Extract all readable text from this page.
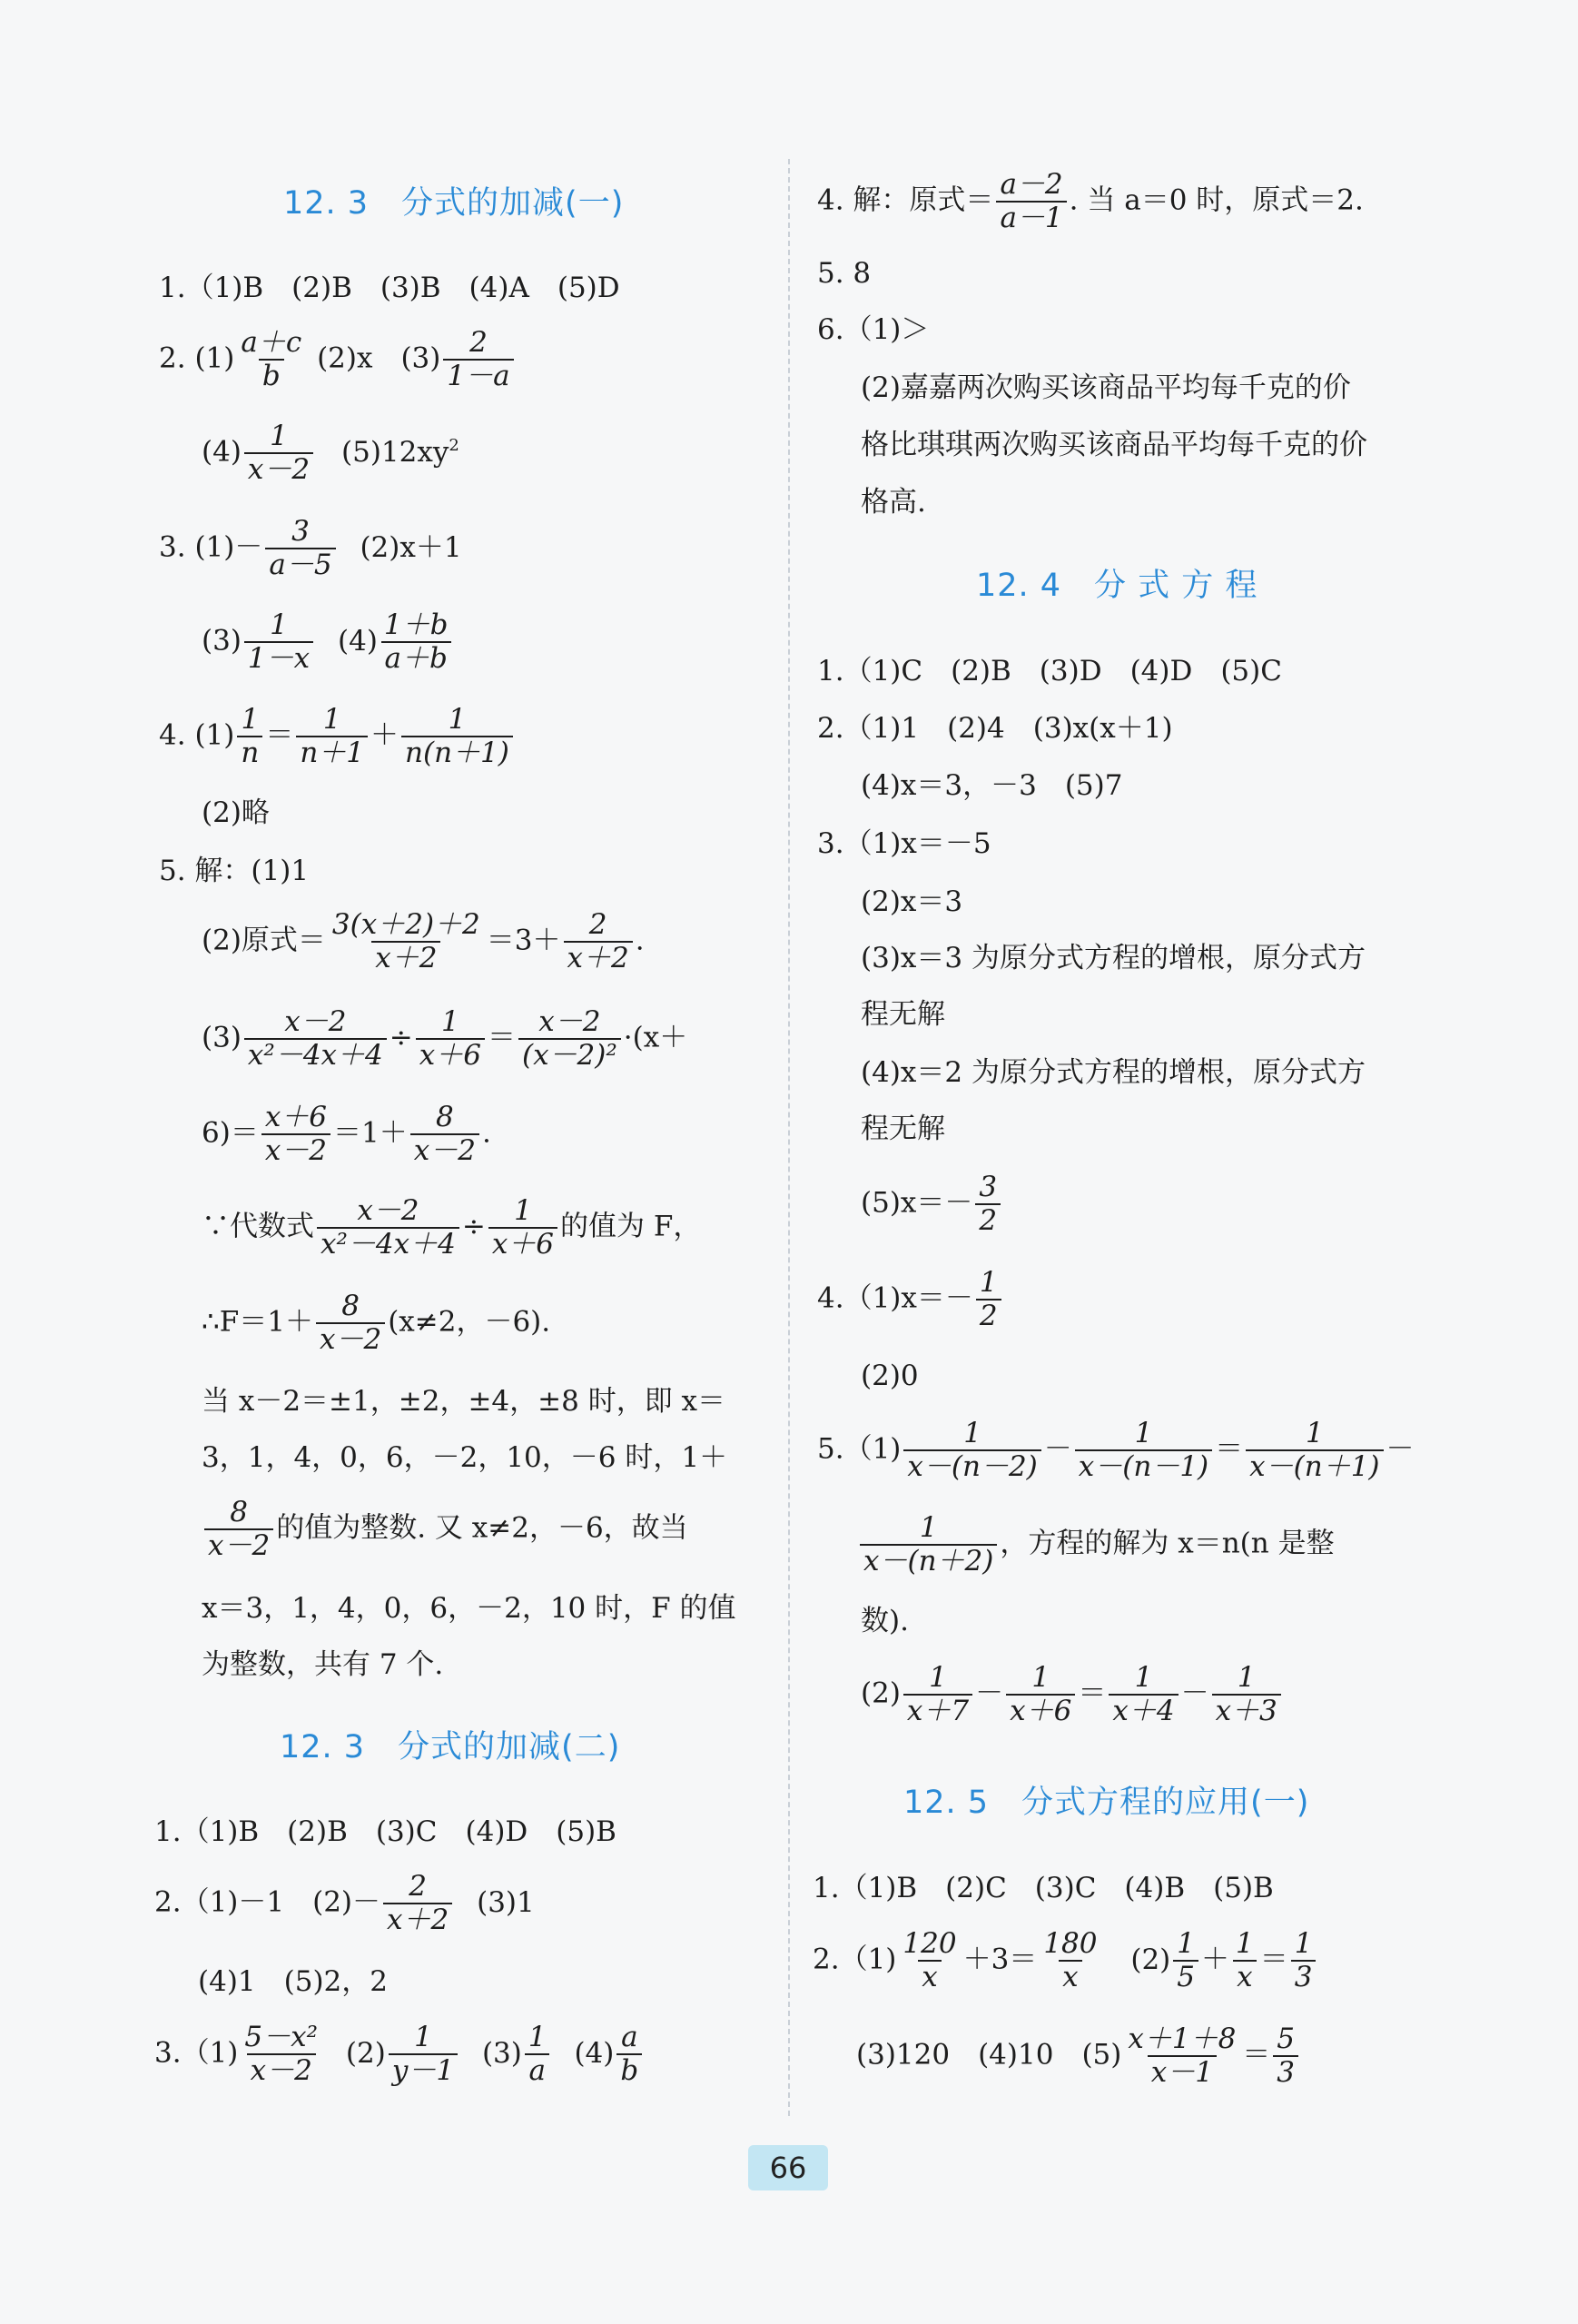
12. 3　分式的加减(一)
1.（1)B　(2)B　(3)B　(4)A　(5)D
2. $(1) \frac{a+c}{b} (2)x$　$(3) \frac{2}{1-a}$
$(4) \frac{1}{x-2} (5)12xy^2$
3. $(1)- \frac{3}{a-5} (2)x+1$
$(3) \frac{1}{1-x} (4) \frac{1+b}{a+b}$
4. $(1) \frac{1}{n} = \frac{1}{n+1} + \frac{1}{n(n+1)}$
(2)略
5. 解：(1)1
(2)原式＝ $\frac{3(x+2)+2}{x+2} =3+ \frac{2}{x+2}$ .
$(3) \frac{x-2}{\text{x²－4x＋4}} \div \frac{1}{x+6} = \frac{x-2}{\text{(x－2)²}} \cdot(x+$
$6)= \frac{x+6}{x-2} =1+ \frac{8}{x-2}$ .
∵代数式 $\frac{x-2}{\text{x²－4x＋4}} \div \frac{1}{x+6}$ 的值为 F，
∴F＝1＋ $\frac{8}{x-2} (x\ne 2$，－6).
当 x－2＝±1，±2，±4，±8 时，即 x＝
3，1，4，0，6，－2，10，－6 时，1＋
$\frac{8}{x-2}$ 的值为整数. 又 x≠2，－6，故当
x＝3，1，4，0，6，－2，10 时，F 的值
为整数，共有 7 个.
12. 3　分式的加减(二)
1.（1)B　(2)B　(3)C　(4)D　(5)B
2.（1)－1　$(2)- \frac{2}{x+2} (3)1$
(4)1　(5)2，2
$3.(1) \frac{\text{5－x²}}{x-2} (2) \frac{1}{y-1} (3) \frac{1}{a} (4) \frac{a}{b}$
4. 解：原式＝ $\frac{a-2}{a-1}$ . 当 a＝0 时，原式＝2.
5. 8
6.（1)＞
(2)嘉嘉两次购买该商品平均每千克的价
格比琪琪两次购买该商品平均每千克的价
格高.
12. 4　分 式 方 程
1.（1)C　(2)B　(3)D　(4)D　(5)C
2.（1)1　(2)4　(3)x(x＋1)
(4)x＝3，－3　(5)7
3.（1)x＝－5
(2)x＝3
(3)x＝3 为原分式方程的增根，原分式方
程无解
(4)x＝2 为原分式方程的增根，原分式方
程无解
$(5)x=- \frac{3}{2}$
$4.(1)x=- \frac{1}{2}$
(2)0
$5.(1) \frac{1}{x-(n-2)} - \frac{1}{x-(n-1)} = \frac{1}{x-(n+1)}$ －
$\frac{1}{x-(n+2)}$ ，方程的解为 x＝n(n 是整
数).
$(2) \frac{1}{x+7} - \frac{1}{x+6} = \frac{1}{x+4} - \frac{1}{x+3}$
12. 5　分式方程的应用(一)
1.（1)B　(2)C　(3)C　(4)B　(5)B
$2.(1) \frac{120}{x} +3= \frac{180}{x} (2) \frac{1}{5} + \frac{1}{x} = \frac{1}{3}$
(3)120　(4)10　$(5) \frac{x+1+8}{x-1} = \frac{5}{3}$
66
